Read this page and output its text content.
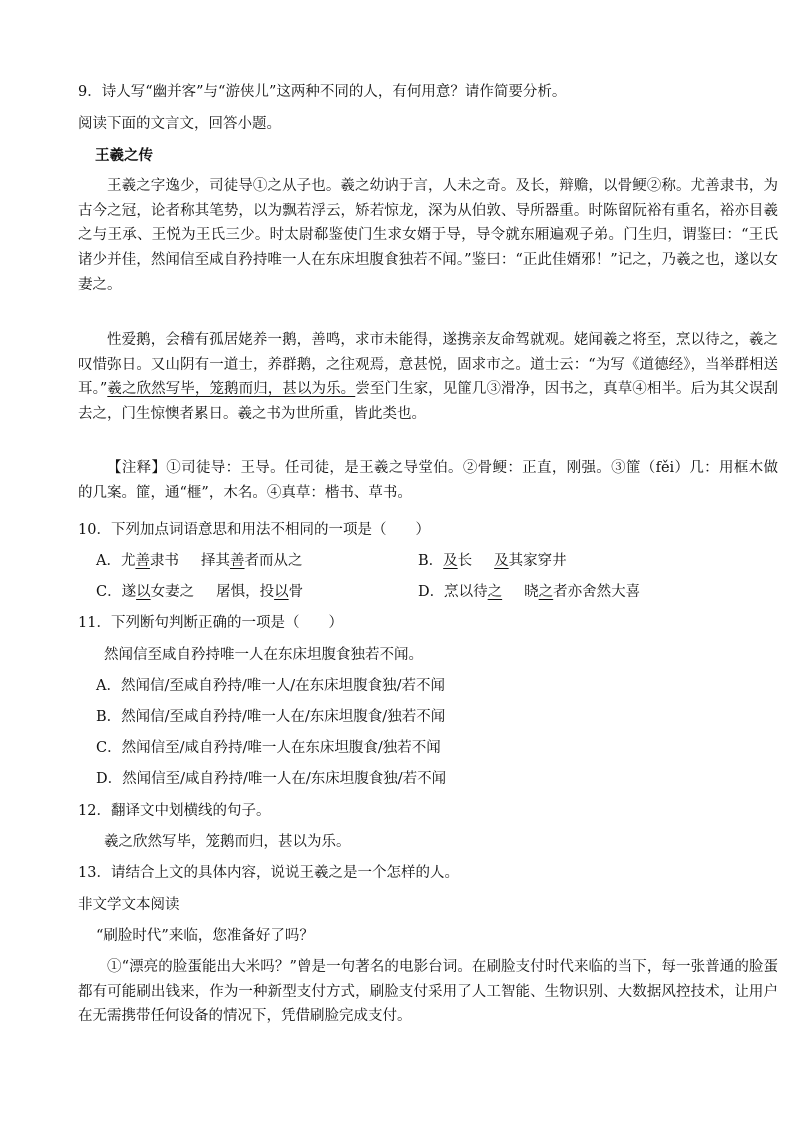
9．诗人写“幽并客”与“游侠儿”这两种不同的人，有何用意？请作简要分析。

阅读下面的文言文，回答小题。

王羲之传

王羲之字逸少，司徒导①之从子也。羲之幼讷于言，人未之奇。及长，辩赡，以骨鲠②称。尤善隶书，为古今之冠，论者称其笔势，以为飘若浮云，矫若惊龙，深为从伯敦、导所器重。时陈留阮裕有重名，裕亦目羲之与王承、王悦为王氏三少。时太尉郗鉴使门生求女婿于导，导令就东厢遍观子弟。门生归，谓鉴曰：“王氏诸少并佳，然闻信至咸自矜持唯一人在东床坦腹食独若不闻。”鉴曰：“正此佳婿邪！”记之，乃羲之也，遂以女妻之。

性爱鹅，会稽有孤居姥养一鹅，善鸣，求市未能得，遂携亲友命驾就观。姥闻羲之将至，烹以待之，羲之叹惜弥日。又山阴有一道士，养群鹅，之往观焉，意甚悦，固求市之。道士云：“为写《道德经》，当举群相送耳。”羲之欣然写毕，笼鹅而归，甚以为乐。尝至门生家，见篚几③滑净，因书之，真草④相半。后为其父误刮去之，门生惊懊者累日。羲之书为世所重，皆此类也。

【注释】①司徒导：王导。任司徒，是王羲之导堂伯。②骨鲠：正直，刚强。③篚（fěi）几：用框木做的几案。篚，通“榧”，木名。④真草：楷书、草书。

10．下列加点词语意思和用法不相同的一项是（　　）

A．尤善隶书 择其善者而从之	B．及长 及其家穿井
C．遂以女妻之 屠惧，投以骨	D．烹以待之 晓之者亦舍然大喜

11．下列断句判断正确的一项是（　　）

然闻信至咸自矜持唯一人在东床坦腹食独若不闻。

A．然闻信/至咸自矜持/唯一人/在东床坦腹食独/若不闻

B．然闻信/至咸自矜持/唯一人在/东床坦腹食/独若不闻

C．然闻信至/咸自矜持/唯一人在东床坦腹食/独若不闻

D．然闻信至/咸自矜持/唯一人在/东床坦腹食独/若不闻

12．翻译文中划横线的句子。

羲之欣然写毕，笼鹅而归，甚以为乐。

13．请结合上文的具体内容，说说王羲之是一个怎样的人。

非文学文本阅读

“刷脸时代”来临，您准备好了吗？

①“漂亮的脸蛋能出大米吗？”曾是一句著名的电影台词。在刷脸支付时代来临的当下，每一张普通的脸蛋都有可能刷出钱来，作为一种新型支付方式，刷脸支付采用了人工智能、生物识别、大数据风控技术，让用户在无需携带任何设备的情况下，凭借刷脸完成支付。
